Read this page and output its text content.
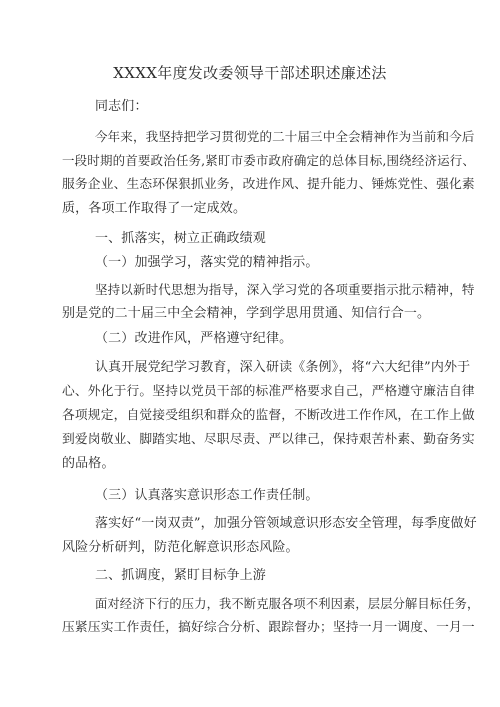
XXXX年度发改委领导干部述职述廉述法
同志们：
今年来，我坚持把学习贯彻党的二十届三中全会精神作为当前和今后
一段时期的首要政治任务,紧盯市委市政府确定的总体目标,围绕经济运行、
服务企业、生态环保狠抓业务，改进作风、提升能力、锤炼党性、强化素
质，各项工作取得了一定成效。
一、抓落实，树立正确政绩观
（一）加强学习，落实党的精神指示。
坚持以新时代思想为指导，深入学习党的各项重要指示批示精神，特
别是党的二十届三中全会精神，学到学思用贯通、知信行合一。
（二）改进作风，严格遵守纪律。
认真开展党纪学习教育，深入研读《条例》，将“六大纪律”内外于
心、外化于行。坚持以党员干部的标准严格要求自己，严格遵守廉洁自律
各项规定，自觉接受组织和群众的监督，不断改进工作作风，在工作上做
到爱岗敬业、脚踏实地、尽职尽责、严以律己，保持艰苦朴素、勤奋务实
的品格。
（三）认真落实意识形态工作责任制。
落实好“一岗双责”，加强分管领域意识形态安全管理，每季度做好
风险分析研判，防范化解意识形态风险。
二、抓调度，紧盯目标争上游
面对经济下行的压力，我不断克服各项不利因素，层层分解目标任务，
压紧压实工作责任，搞好综合分析、跟踪督办；坚持一月一调度、一月一
